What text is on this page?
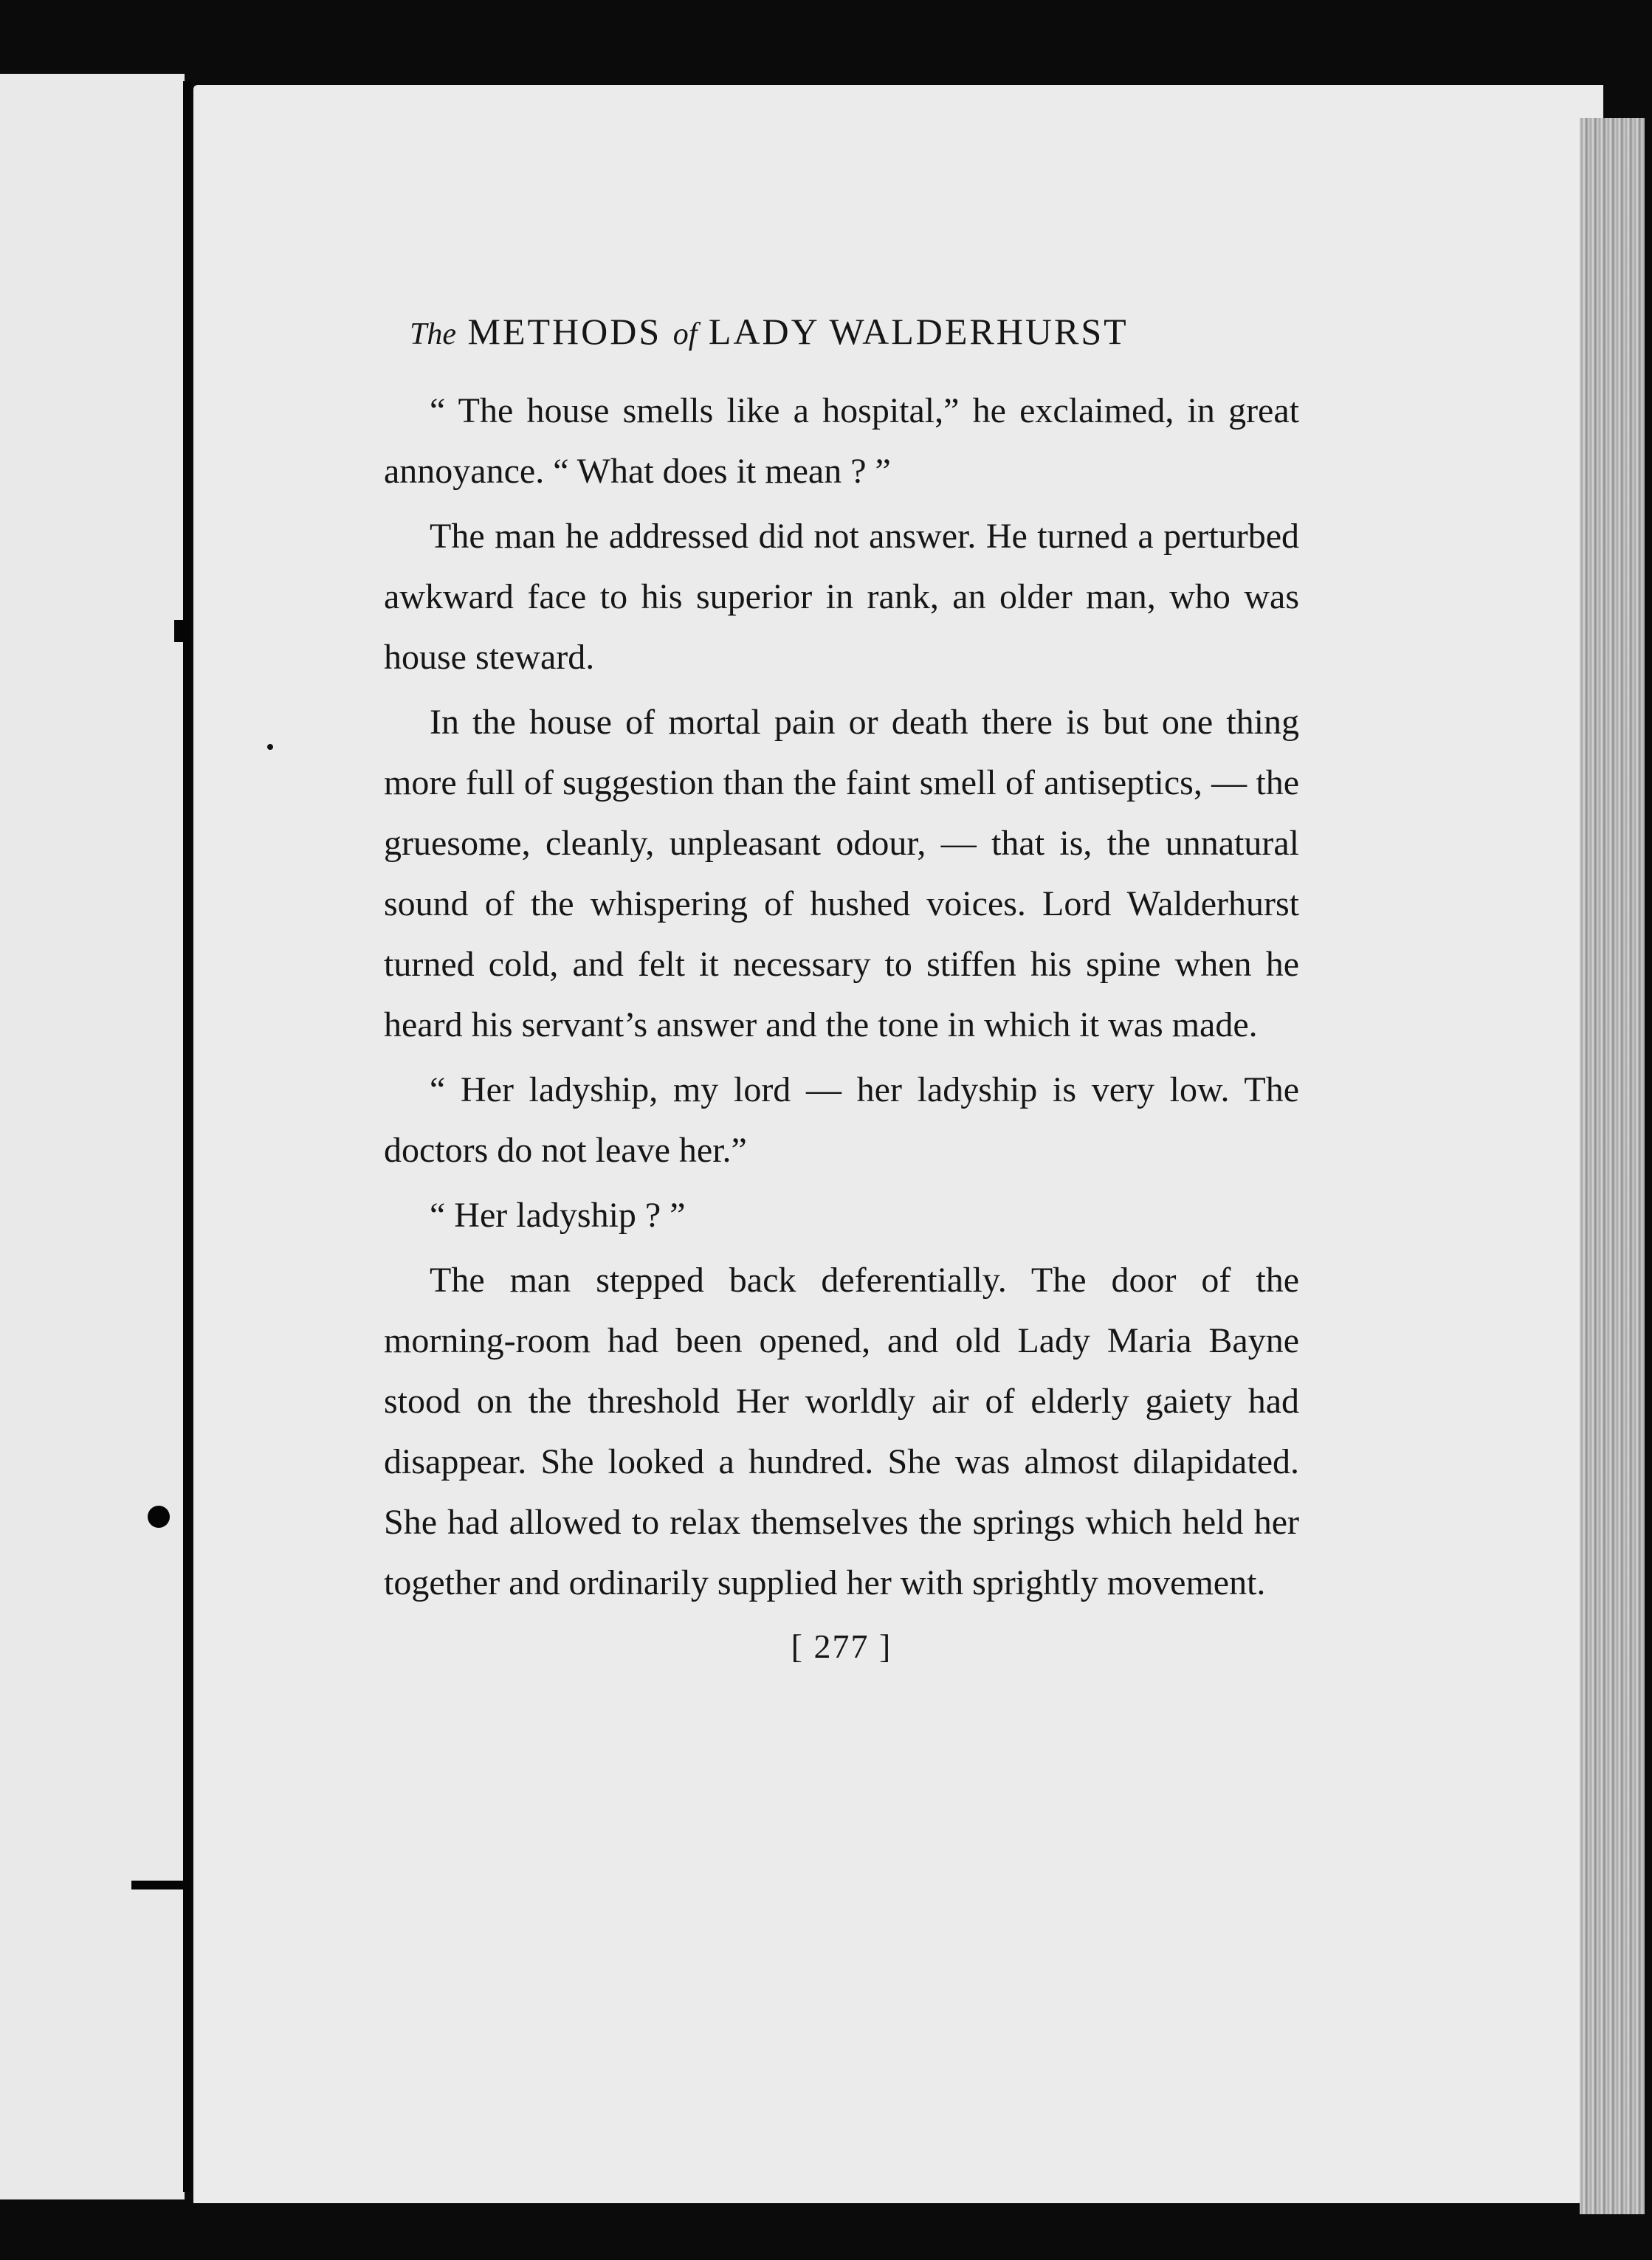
The METHODS of LADY WALDERHURST

“ The house smells like a hospital,” he exclaimed, in great annoyance. “ What does it mean ? ”

The man he addressed did not answer. He turned a perturbed awkward face to his superior in rank, an older man, who was house steward.

In the house of mortal pain or death there is but one thing more full of suggestion than the faint smell of antiseptics, — the gruesome, cleanly, unpleasant odour, — that is, the unnatural sound of the whispering of hushed voices. Lord Walderhurst turned cold, and felt it necessary to stiffen his spine when he heard his servant’s answer and the tone in which it was made.

“ Her ladyship, my lord — her ladyship is very low. The doctors do not leave her.”

“ Her ladyship ? ”

The man stepped back deferentially. The door of the morning-room had been opened, and old Lady Maria Bayne stood on the threshold Her worldly air of elderly gaiety had disappear. She looked a hundred. She was almost dilapidated. She had allowed to relax themselves the springs which held her together and ordinarily supplied her with sprightly movement.

[ 277 ]
